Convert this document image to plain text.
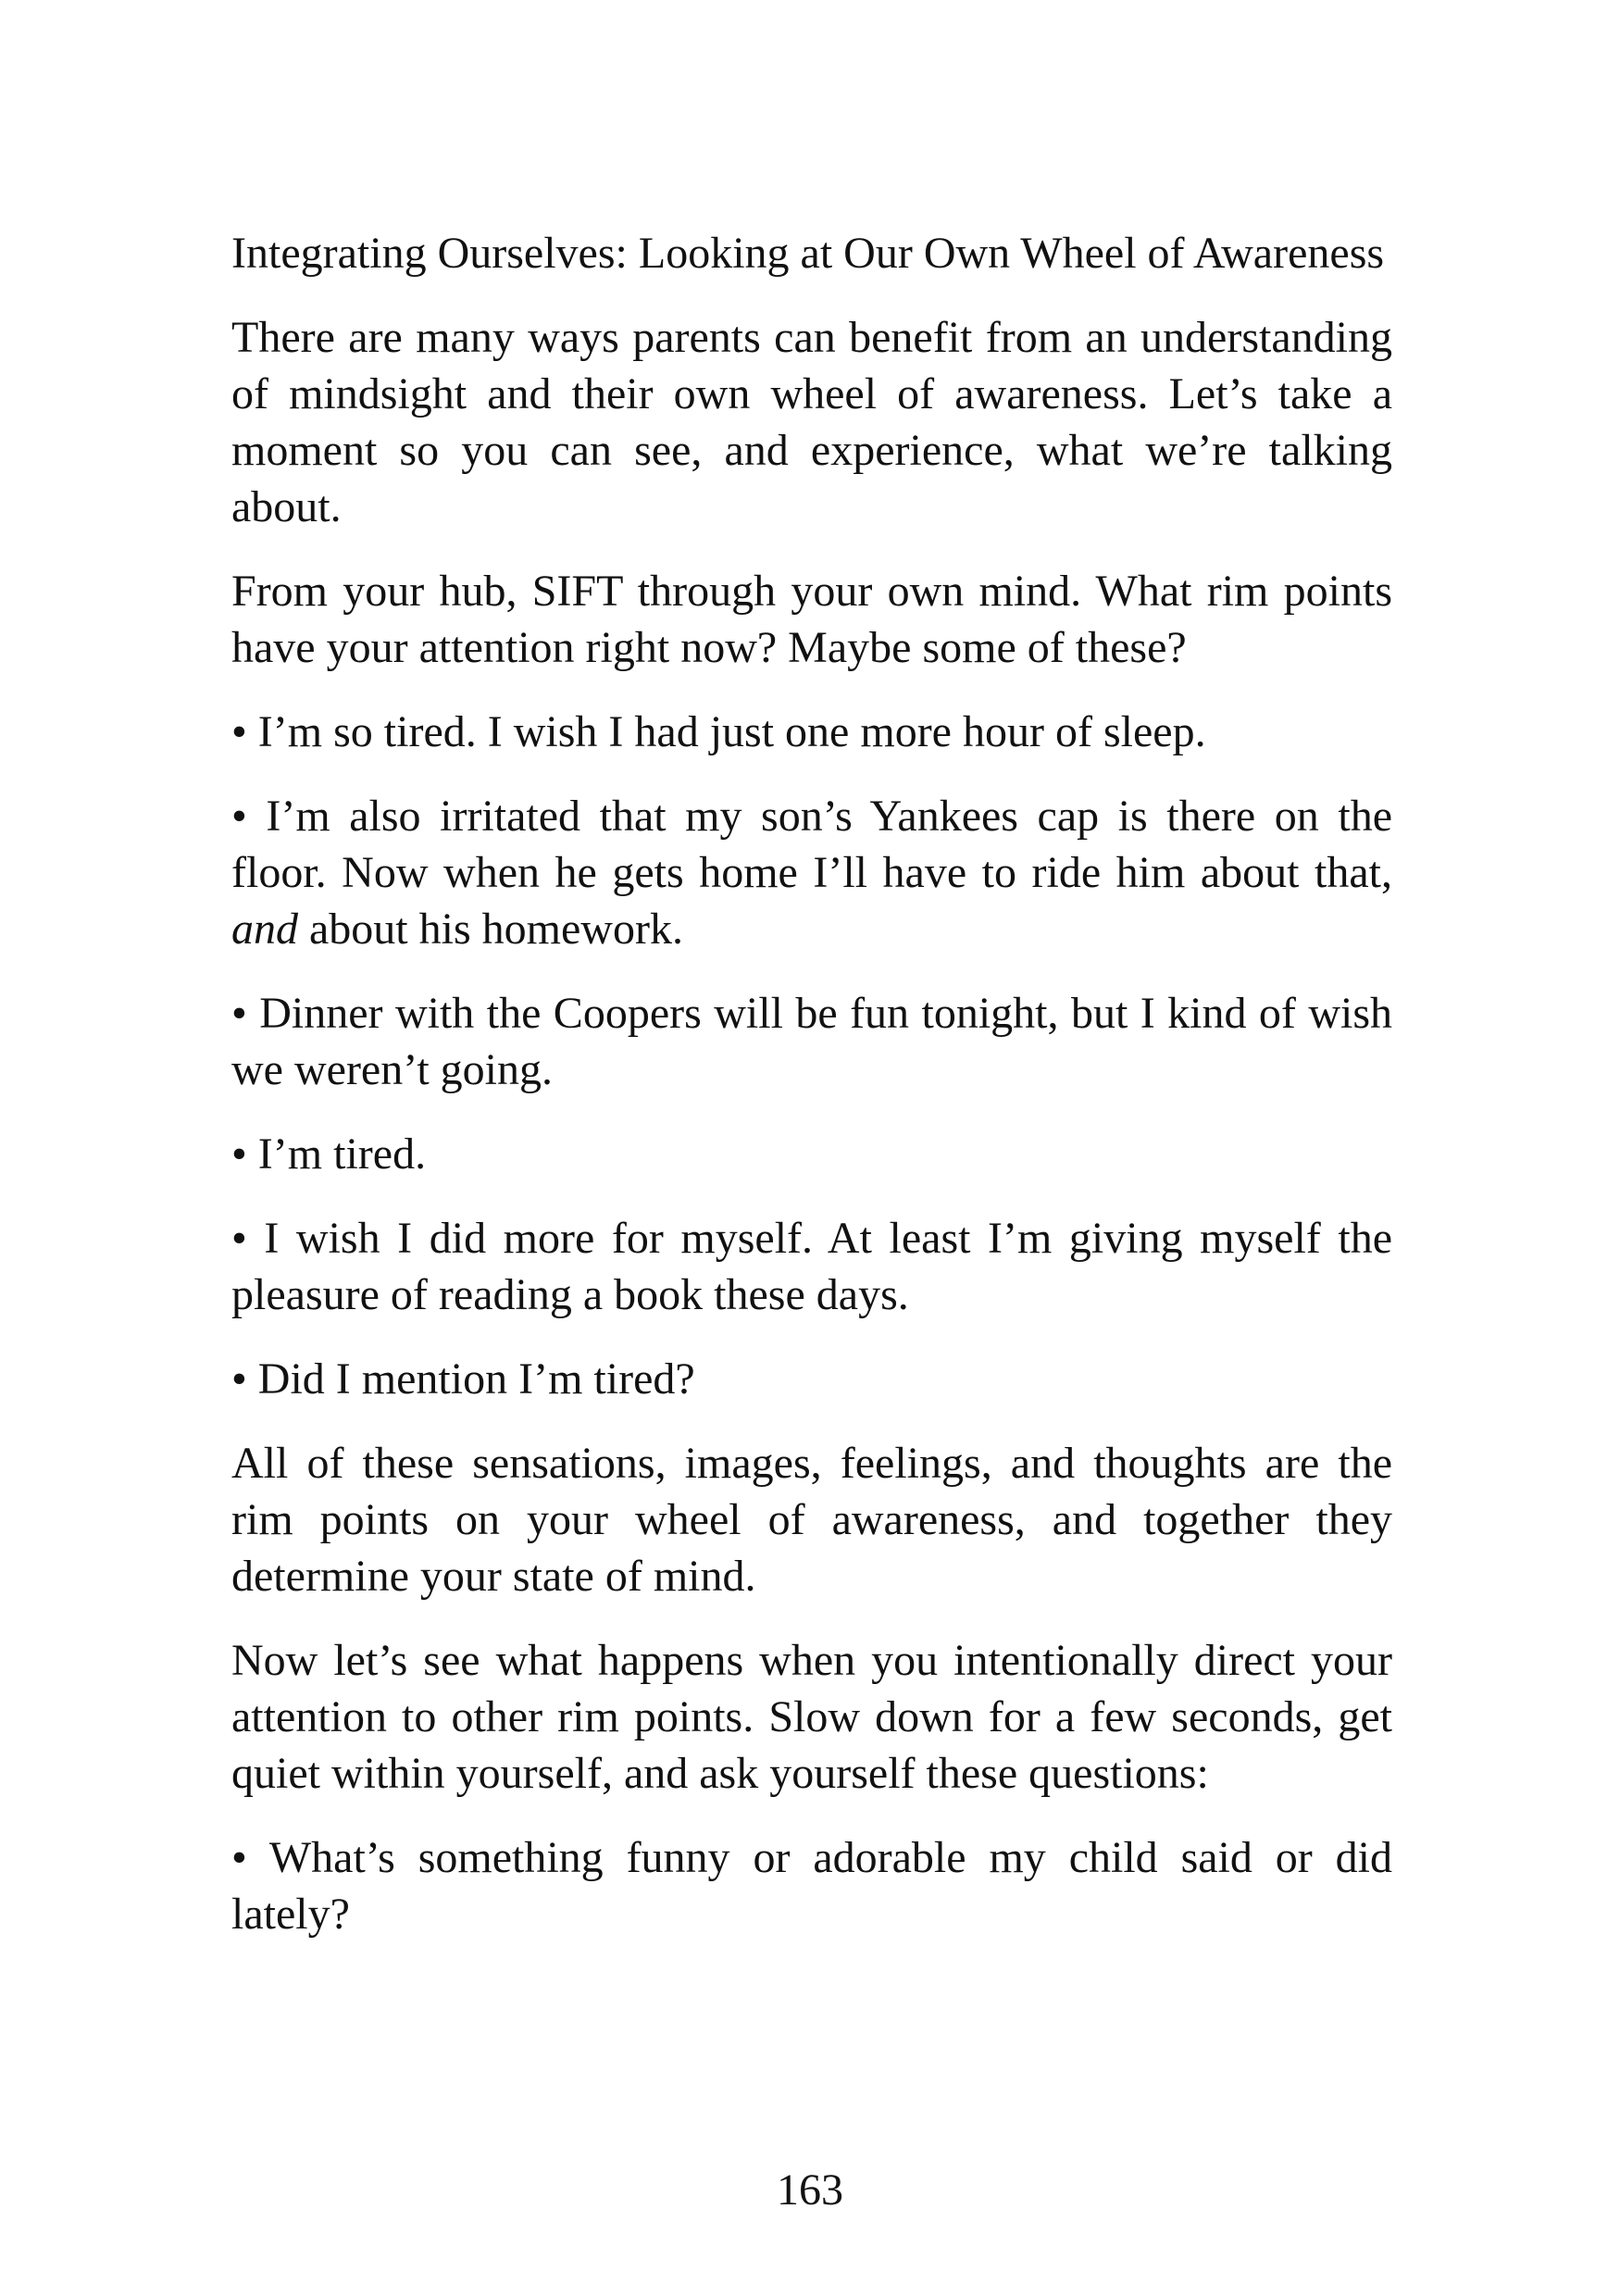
Integrating Ourselves: Looking at Our Own Wheel of Awareness

There are many ways parents can benefit from an understanding of mindsight and their own wheel of awareness. Let’s take a moment so you can see, and experience, what we’re talking about.

From your hub, SIFT through your own mind. What rim points have your attention right now? Maybe some of these?

• I’m so tired. I wish I had just one more hour of sleep.

• I’m also irritated that my son’s Yankees cap is there on the floor. Now when he gets home I’ll have to ride him about that, and about his homework.

• Dinner with the Coopers will be fun tonight, but I kind of wish we weren’t going.

• I’m tired.

• I wish I did more for myself. At least I’m giving myself the pleasure of reading a book these days.

• Did I mention I’m tired?

All of these sensations, images, feelings, and thoughts are the rim points on your wheel of awareness, and together they determine your state of mind.

Now let’s see what happens when you intentionally direct your attention to other rim points. Slow down for a few seconds, get quiet within yourself, and ask yourself these questions:

• What’s something funny or adorable my child said or did lately?

163
